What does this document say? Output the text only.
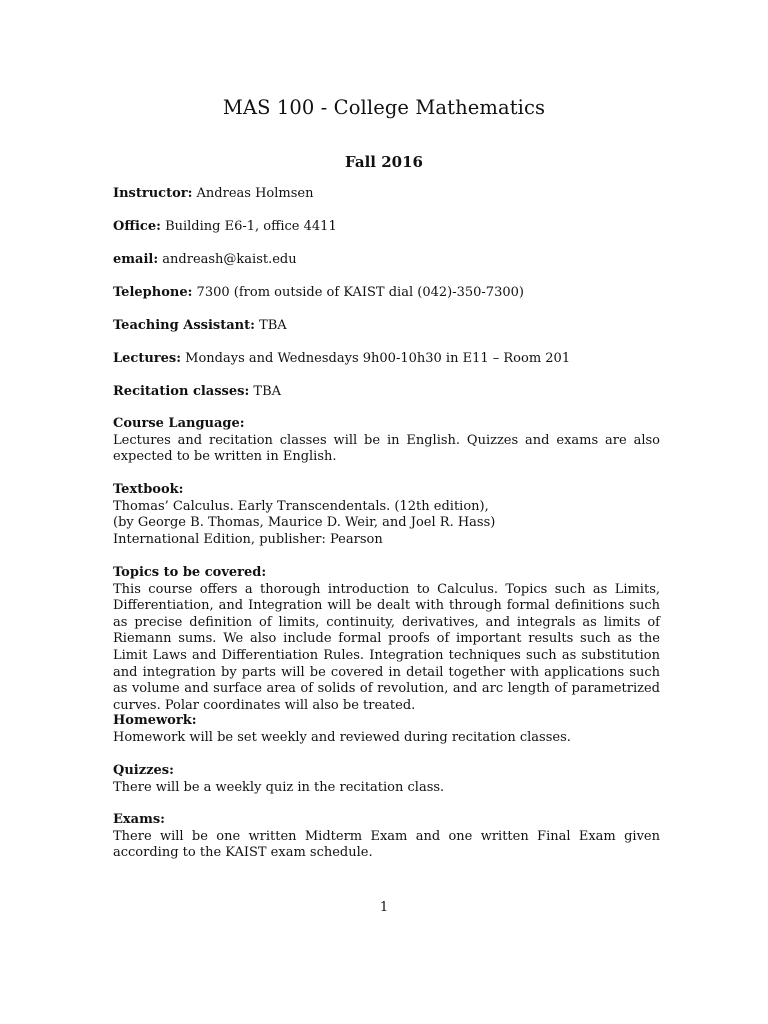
MAS 100 - College Mathematics
Fall 2016

Instructor: Andreas Holmsen

Office: Building E6-1, office 4411

email: andreash@kaist.edu

Telephone: 7300 (from outside of KAIST dial (042)-350-7300)

Teaching Assistant: TBA

Lectures: Mondays and Wednesdays 9h00-10h30 in E11 – Room 201

Recitation classes: TBA

Course Language:
Lectures and recitation classes will be in English. Quizzes and exams are also expected to be written in English.
Textbook:
Thomas’ Calculus. Early Transcendentals. (12th edition),
(by George B. Thomas, Maurice D. Weir, and Joel R. Hass)
International Edition, publisher: Pearson
Topics to be covered:
This course offers a thorough introduction to Calculus. Topics such as Limits, Differentiation, and Integration will be dealt with through formal definitions such as precise definition of limits, continuity, derivatives, and integrals as limits of Riemann sums. We also include formal proofs of important results such as the Limit Laws and Differentiation Rules. Integration techniques such as substitution and integration by parts will be covered in detail together with applications such as volume and surface area of solids of revolution, and arc length of parametrized curves. Polar coordinates will also be treated.
Homework:
Homework will be set weekly and reviewed during recitation classes.
Quizzes:
There will be a weekly quiz in the recitation class.
Exams:
There will be one written Midterm Exam and one written Final Exam given according to the KAIST exam schedule.

1
